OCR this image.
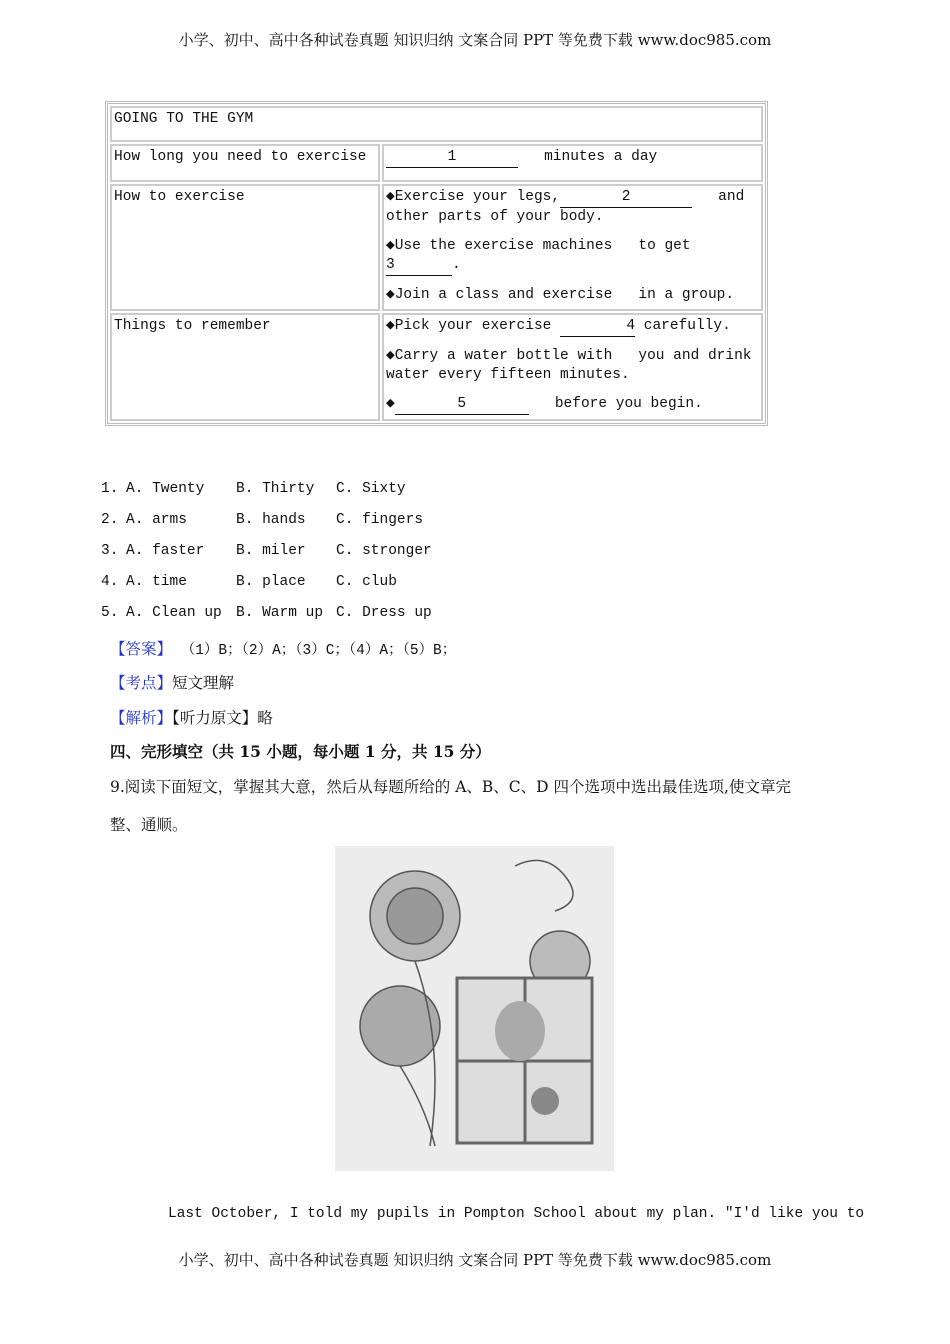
小学、初中、高中各种试卷真题 知识归纳 文案合同 PPT 等免费下载 www.doc985.com
GOING TO THE GYM	
How long you need to exercise	1 minutes a day
How to exercise	◆Exercise your legs, 2 and other parts of your body.

◆Use the exercise machines   to get 3 .

◆Join a class and exercise   in a group.

Things to remember	◆Pick your exercise 4 carefully.

◆Carry a water bottle with   you and drink water every fifteen minutes.

◆ 5 before you begin.

1. A. Twenty B. Thirty C. Sixty
2. A. arms	B. hands C. fingers
3. A. faster B. miler C. stronger
4. A. time	B. place C. club
5. A. Clean up B. Warm up C. Dress up
【答案】 （1）B；（2）A；（3）C；（4）A；（5）B；
【考点】短文理解
【解析】【听力原文】略
四、完形填空（共 15 小题，每小题 1 分，共 15 分）
9.阅读下面短文，掌握其大意，然后从每题所给的 A、B、C、D 四个选项中选出最佳选项,使文章完
整、通顺。
Last October, I told my pupils in Pompton School about my plan. "I'd like you to
小学、初中、高中各种试卷真题 知识归纳 文案合同 PPT 等免费下载 www.doc985.com
